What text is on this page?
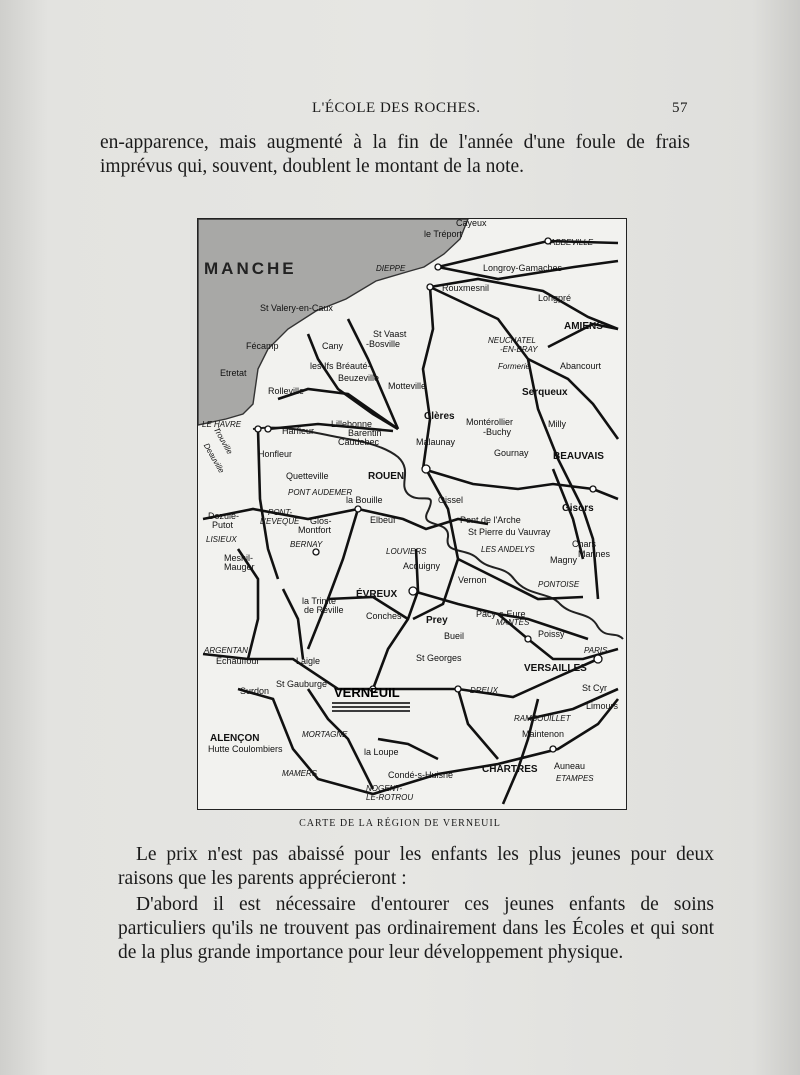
L'ÉCOLE DES ROCHES.	57

en-apparence, mais augmenté à la fin de l'année d'une foule de frais imprévus qui, souvent, doublent le montant de la note.

MANCHE
Cayeux
le Tréport
ABBEVILLE
DIEPPE	Longroy-Gamaches
Rouxmesnil
Longpré
AMIENS
St Valery-en-Caux
St Vaast
-Bosville
Cany
Fécamp
NEUCHATEL
-EN-BRAY
Formerie	Abancourt
Etretat
les Ifs Bréauté-
Beuzeville
Rolleville	Motteville
Serqueux
LE HAVRE
Harfleur
Lillebonne
Barentin
Caudebec
Clères Montérollier
-Buchy
Milly
Trouville
Deauville	Honfleur
Malaunay
Gournay BEAUVAIS
Quetteville	ROUEN
PONT AUDEMER
la Bouille	Oissel
Gisors
Dozulé-
Putot
PONT-
L'EVEQUE Glos-
Montfort
Elbeuf	Pont de l'Arche
St Pierre du Vauvray
LISIEUX
BERNAY
LES ANDELYS
Chars
Marines
LOUVIERS
Magny
Mesnil-
Mauger	Acquigny
Vernon	PONTOISE
la Trinité
de Réville
ÉVREUX
Conches	Pacy-s-Eure
MANTES
Prey
Bueil	Poissy
ARGENTAN
Echauffour	Laigle	St Georges
PARIS
VERSAILLES
Surdon
St Gauburge
DREUX	St Cyr
Limours
ALENÇON
Hutte Coulombiers
MORTAGNE
RAMBOUILLET
Maintenon
la Loupe
MAMERS	Condé-s-Huisne	CHARTRES Auneau
ETAMPES
NOGENT-
LE-ROTROU
VERNEUIL
CARTE DE LA RÉGION DE VERNEUIL

Le prix n'est pas abaissé pour les enfants les plus jeunes pour deux raisons que les parents apprécieront :

D'abord il est nécessaire d'entourer ces jeunes enfants de soins particuliers qu'ils ne trouvent pas ordinairement dans les Écoles et qui sont de la plus grande importance pour leur développement physique.
